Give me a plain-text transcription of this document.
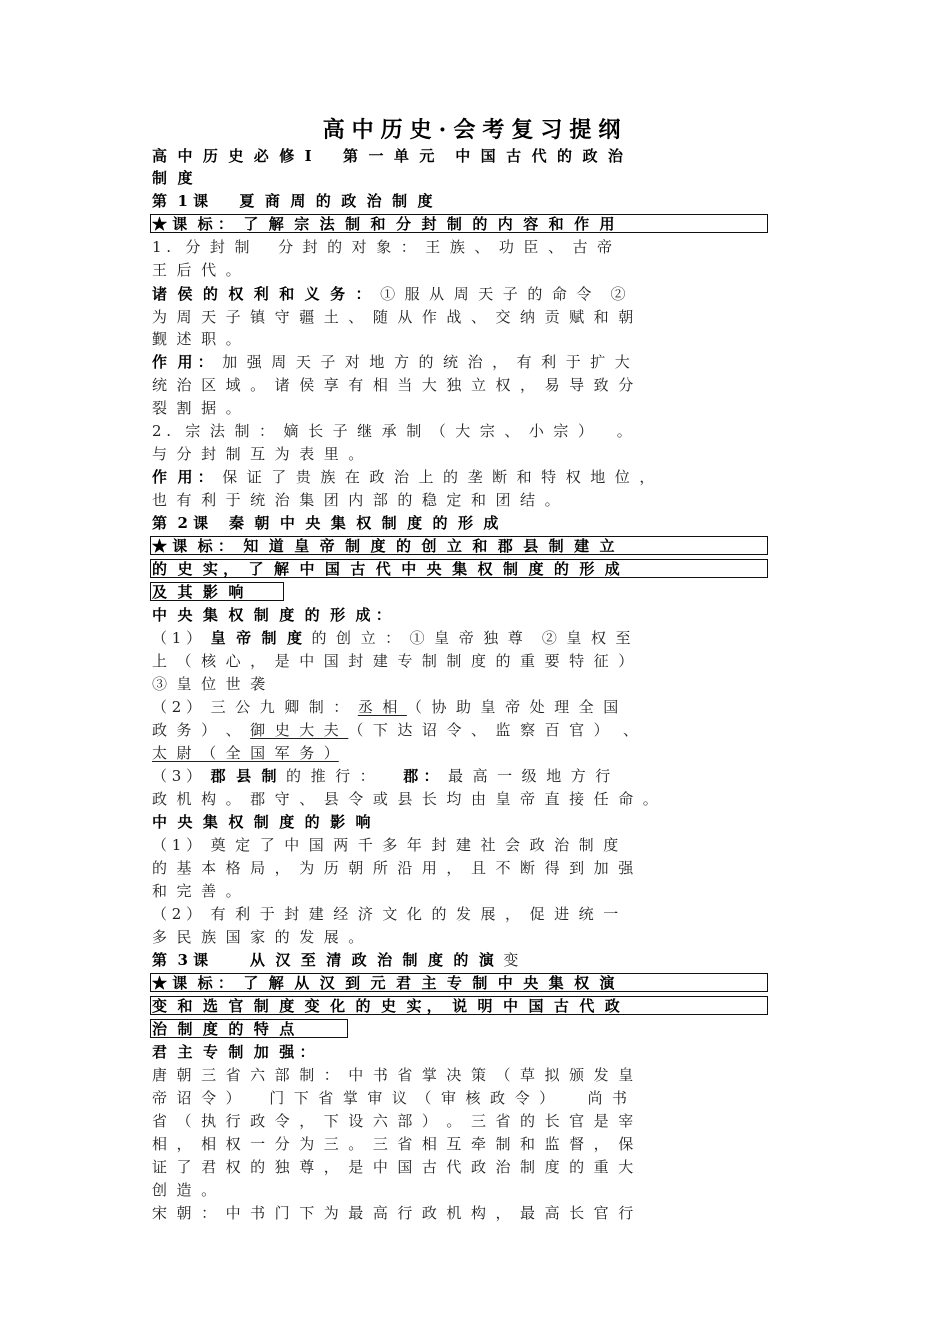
高中历史·会考复习提纲
高  中  历  史  必  修  I      第  一  单  元    中  国  古  代  的  政  治
制  度
第  1 课      夏  商  周  的  政  治  制  度
★ 课  标 ：  了  解  宗  法  制  和  分  封  制  的  内  容  和  作  用
1 .   分  封  制      分  封  的  对  象  ：  王  族  、  功  臣  、  古  帝
王  后  代  。
诸  侯  的  权  利  和  义  务  ：  ①  服  从  周  天  子  的  命  令    ②
为  周  天  子  镇  守  疆  土  、  随  从  作  战  、  交  纳  贡  赋  和  朝
觐  述  职  。
作  用 ：  加  强  周  天  子  对  地  方  的  统  治  ，  有  利  于  扩  大
统  治  区  域  。  诸  侯  享  有  相  当  大  独  立  权  ，  易  导  致  分
裂  割  据  。
2 .   宗  法  制  ：  嫡  长  子  继  承  制  （  大  宗  、  小  宗  ）     。
与  分  封  制  互  为  表  里  。
作  用 ：  保  证  了  贵  族  在  政  治  上  的  垄  断  和  特  权  地  位  ，
也  有  利  于  统  治  集  团  内  部  的  稳  定  和  团  结  。
第  2 课    秦  朝  中  央  集  权  制  度  的  形  成
★ 课  标 ：  知  道  皇  帝  制  度  的  创  立  和  郡  县  制  建  立
的  史  实 ，  了  解  中  国  古  代  中  央  集  权  制  度  的  形  成
及  其  影  响
中  央  集  权  制  度  的  形  成 ：
（ 1 ）  皇  帝  制  度  的  创  立  ：  ①  皇  帝  独  尊    ②  皇  权  至
上  （  核  心  ，  是  中  国  封  建  专  制  制  度  的  重  要  特  征  ）
③  皇  位  世  袭
（ 2 ）  三  公  九  卿  制  ：  丞  相  （  协  助  皇  帝  处  理  全  国
政  务  ）  、  御  史  大  夫  （  下  达  诏  令  、  监  察  百  官  ）   、
太  尉  （  全  国  军  务  ）
（ 3 ）  郡  县  制  的  推  行  ：      郡 ：  最  高  一  级  地  方  行
政  机  构  。  郡  守  、  县  令  或  县  长  均  由  皇  帝  直  接  任  命  。
中  央  集  权  制  度  的  影  响
（ 1 ）  奠  定  了  中  国  两  千  多  年  封  建  社  会  政  治  制  度
的  基  本  格  局  ，  为  历  朝  所  沿  用  ，  且  不  断  得  到  加  强
和  完  善  。
（ 2 ）  有  利  于  封  建  经  济  文  化  的  发  展  ，  促  进  统  一
多  民  族  国  家  的  发  展  。
第  3 课        从  汉  至  清  政  治  制  度  的  演  变
★ 课  标 ：  了  解  从  汉  到  元  君  主  专  制  中  央  集  权  演
变  和  选  官  制  度  变  化  的  史  实 ，  说  明  中  国  古  代  政
治  制  度  的  特  点
君  主  专  制  加  强 ：
唐  朝  三  省  六  部  制  ：  中  书  省  掌  决  策  （  草  拟  颁  发  皇
帝  诏  令  ）      门  下  省  掌  审  议  （  审  核  政  令  ）       尚  书
省  （  执  行  政  令  ，  下  设  六  部  ）  。  三  省  的  长  官  是  宰
相  ，  相  权  一  分  为  三  。  三  省  相  互  牵  制  和  监  督  ，  保
证  了  君  权  的  独  尊  ，  是  中  国  古  代  政  治  制  度  的  重  大
创  造  。
宋  朝  ：  中  书  门  下  为  最  高  行  政  机  构  ，  最  高  长  官  行
